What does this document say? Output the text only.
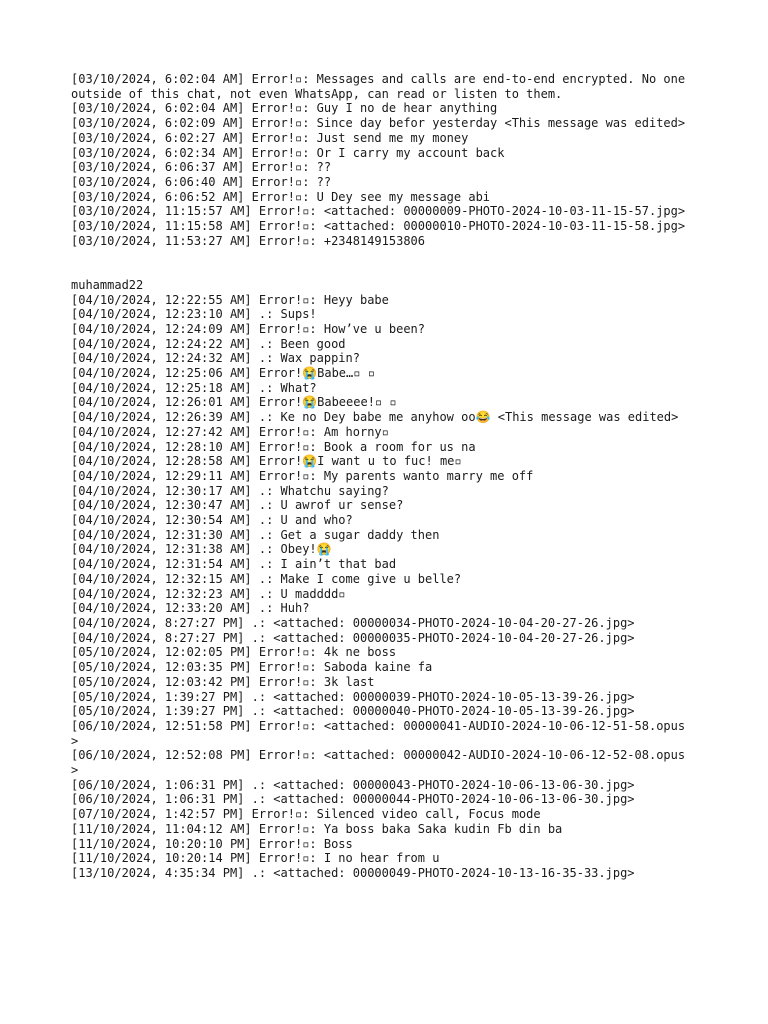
[03/10/2024, 6:02:04 AM] Error!▫: Messages and calls are end-to-end encrypted. No one outside of this chat, not even WhatsApp, can read or listen to them.
[03/10/2024, 6:02:04 AM] Error!▫: Guy I no de hear anything
[03/10/2024, 6:02:09 AM] Error!▫: Since day befor yesterday <This message was edited>
[03/10/2024, 6:02:27 AM] Error!▫: Just send me my money
[03/10/2024, 6:02:34 AM] Error!▫: Or I carry my account back
[03/10/2024, 6:06:37 AM] Error!▫: ??
[03/10/2024, 6:06:40 AM] Error!▫: ??
[03/10/2024, 6:06:52 AM] Error!▫: U Dey see my message abi
[03/10/2024, 11:15:57 AM] Error!▫: <attached: 00000009-PHOTO-2024-10-03-11-15-57.jpg>
[03/10/2024, 11:15:58 AM] Error!▫: <attached: 00000010-PHOTO-2024-10-03-11-15-58.jpg>
[03/10/2024, 11:53:27 AM] Error!▫: +2348149153806
muhammad22
[04/10/2024, 12:22:55 AM] Error!▫: Heyy babe
[04/10/2024, 12:23:10 AM] .: Sups!
[04/10/2024, 12:24:09 AM] Error!▫: How’ve u been?
[04/10/2024, 12:24:22 AM] .: Been good
[04/10/2024, 12:24:32 AM] .: Wax pappin?
[04/10/2024, 12:25:06 AM] Error!😭Babe…▫ ▫
[04/10/2024, 12:25:18 AM] .: What?
[04/10/2024, 12:26:01 AM] Error!😭Babeeee!▫ ▫
[04/10/2024, 12:26:39 AM] .: Ke no Dey babe me anyhow oo😂 <This message was edited>
[04/10/2024, 12:27:42 AM] Error!▫: Am horny▫
[04/10/2024, 12:28:10 AM] Error!▫: Book a room for us na
[04/10/2024, 12:28:58 AM] Error!😭I want u to fuc! me▫
[04/10/2024, 12:29:11 AM] Error!▫: My parents wanto marry me off
[04/10/2024, 12:30:17 AM] .: Whatchu saying?
[04/10/2024, 12:30:47 AM] .: U awrof ur sense?
[04/10/2024, 12:30:54 AM] .: U and who?
[04/10/2024, 12:31:30 AM] .: Get a sugar daddy then
[04/10/2024, 12:31:38 AM] .: Obey!😭
[04/10/2024, 12:31:54 AM] .: I ain’t that bad
[04/10/2024, 12:32:15 AM] .: Make I come give u belle?
[04/10/2024, 12:32:23 AM] .: U madddd▫
[04/10/2024, 12:33:20 AM] .: Huh?
[04/10/2024, 8:27:27 PM] .: <attached: 00000034-PHOTO-2024-10-04-20-27-26.jpg>
[04/10/2024, 8:27:27 PM] .: <attached: 00000035-PHOTO-2024-10-04-20-27-26.jpg>
[05/10/2024, 12:02:05 PM] Error!▫: 4k ne boss
[05/10/2024, 12:03:35 PM] Error!▫: Saboda kaine fa
[05/10/2024, 12:03:42 PM] Error!▫: 3k last
[05/10/2024, 1:39:27 PM] .: <attached: 00000039-PHOTO-2024-10-05-13-39-26.jpg>
[05/10/2024, 1:39:27 PM] .: <attached: 00000040-PHOTO-2024-10-05-13-39-26.jpg>
[06/10/2024, 12:51:58 PM] Error!▫: <attached: 00000041-AUDIO-2024-10-06-12-51-58.opus>
[06/10/2024, 12:52:08 PM] Error!▫: <attached: 00000042-AUDIO-2024-10-06-12-52-08.opus>
[06/10/2024, 1:06:31 PM] .: <attached: 00000043-PHOTO-2024-10-06-13-06-30.jpg>
[06/10/2024, 1:06:31 PM] .: <attached: 00000044-PHOTO-2024-10-06-13-06-30.jpg>
[07/10/2024, 1:42:57 PM] Error!▫: Silenced video call, Focus mode
[11/10/2024, 11:04:12 AM] Error!▫: Ya boss baka Saka kudin Fb din ba
[11/10/2024, 10:20:10 PM] Error!▫: Boss
[11/10/2024, 10:20:14 PM] Error!▫: I no hear from u
[13/10/2024, 4:35:34 PM] .: <attached: 00000049-PHOTO-2024-10-13-16-35-33.jpg>
